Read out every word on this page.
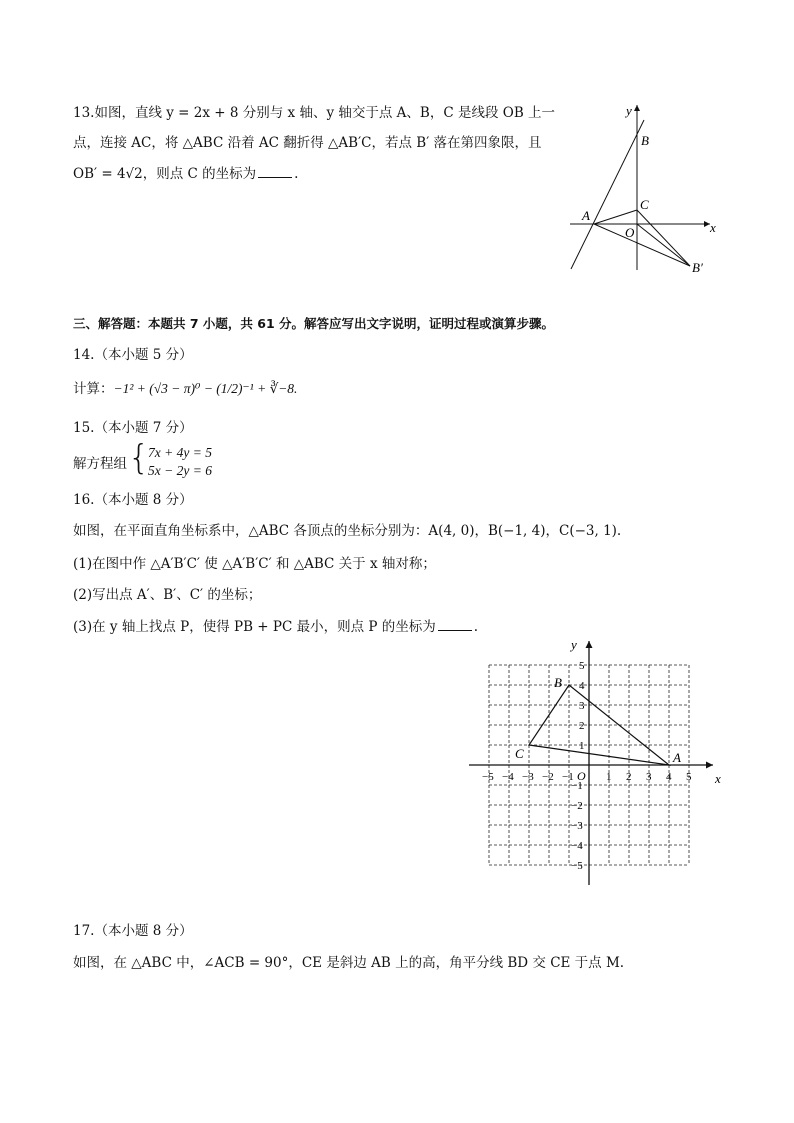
13.如图，直线 y = 2x + 8 分别与 x 轴、y 轴交于点 A、B，C 是线段 OB 上一
点，连接 AC，将 △ABC 沿着 AC 翻折得 △AB′C，若点 B′ 落在第四象限，且
OB′ = 4√2，则点 C 的坐标为	.
y
B
A
C
O	x
B′
三、解答题：本题共 7 小题，共 61 分。解答应写出文字说明，证明过程或演算步骤。
14.（本小题 5 分）
计算：−1² + (√3 − π)⁰ − (1/2)⁻¹ + ∛−8.
15.（本小题 7 分）
解方程组 {
7x + 4y = 5
5x − 2y = 6
16.（本小题 8 分）
如图，在平面直角坐标系中，△ABC 各顶点的坐标分别为：A(4, 0)，B(−1, 4)，C(−3, 1).
(1)在图中作 △A′B′C′ 使 △A′B′C′ 和 △ABC 关于 x 轴对称；
(2)写出点 A′、B′、C′ 的坐标；
(3)在 y 轴上找点 P，使得 PB + PC 最小，则点 P 的坐标为	.
x
y
O
−5 −4 −3 −2 −1	1 2 3 4 5
5
4
3
2
1
−1
−2
−3
−4
−5
A
B
C
17.（本小题 8 分）
如图，在 △ABC 中，∠ACB = 90°，CE 是斜边 AB 上的高，角平分线 BD 交 CE 于点 M.
